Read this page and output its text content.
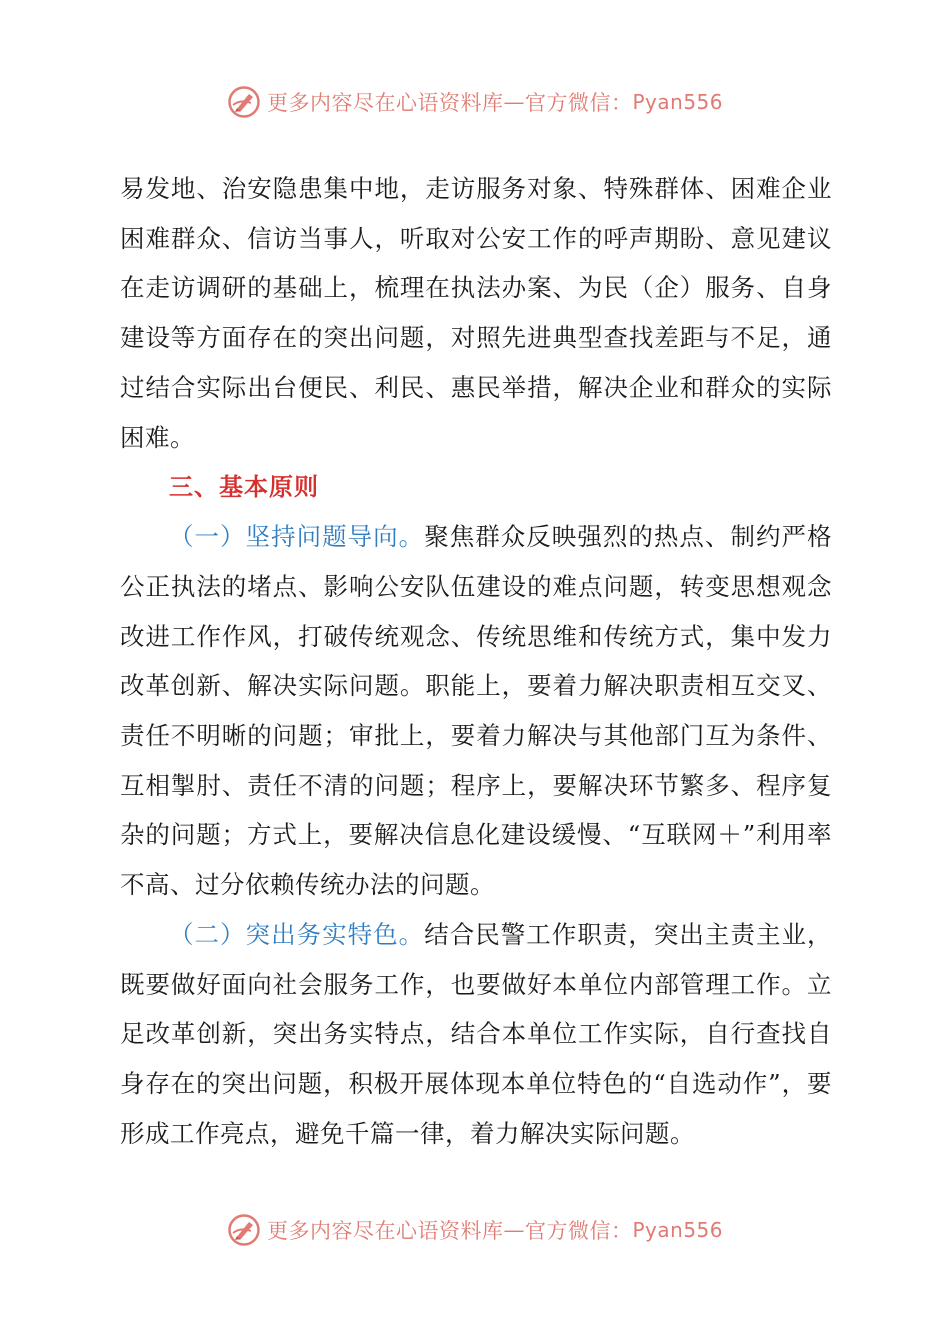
更多内容尽在心语资料库 — 官方微信： Pyan556

易发地、治安隐患集中地，走访服务对象、特殊群体、困难企业困难群众、信访当事人，听取对公安工作的呼声期盼、意见建议在走访调研的基础上，梳理在执法办案、为民（企）服务、自身建设等方面存在的突出问题，对照先进典型查找差距与不足，通过结合实际出台便民、利民、惠民举措，解决企业和群众的实际困难。

三、基本原则

（一）坚持问题导向。聚焦群众反映强烈的热点、制约严格公正执法的堵点、影响公安队伍建设的难点问题，转变思想观念改进工作作风，打破传统观念、传统思维和传统方式，集中发力改革创新、解决实际问题。职能上，要着力解决职责相互交叉、责任不明晰的问题；审批上，要着力解决与其他部门互为条件、互相掣肘、责任不清的问题；程序上，要解决环节繁多、程序复杂的问题；方式上，要解决信息化建设缓慢、“互联网＋”利用率不高、过分依赖传统办法的问题。

（二）突出务实特色。结合民警工作职责，突出主责主业，既要做好面向社会服务工作，也要做好本单位内部管理工作。立足改革创新，突出务实特点，结合本单位工作实际，自行查找自身存在的突出问题，积极开展体现本单位特色的“自选动作”，要形成工作亮点，避免千篇一律，着力解决实际问题。

更多内容尽在心语资料库 — 官方微信： Pyan556
